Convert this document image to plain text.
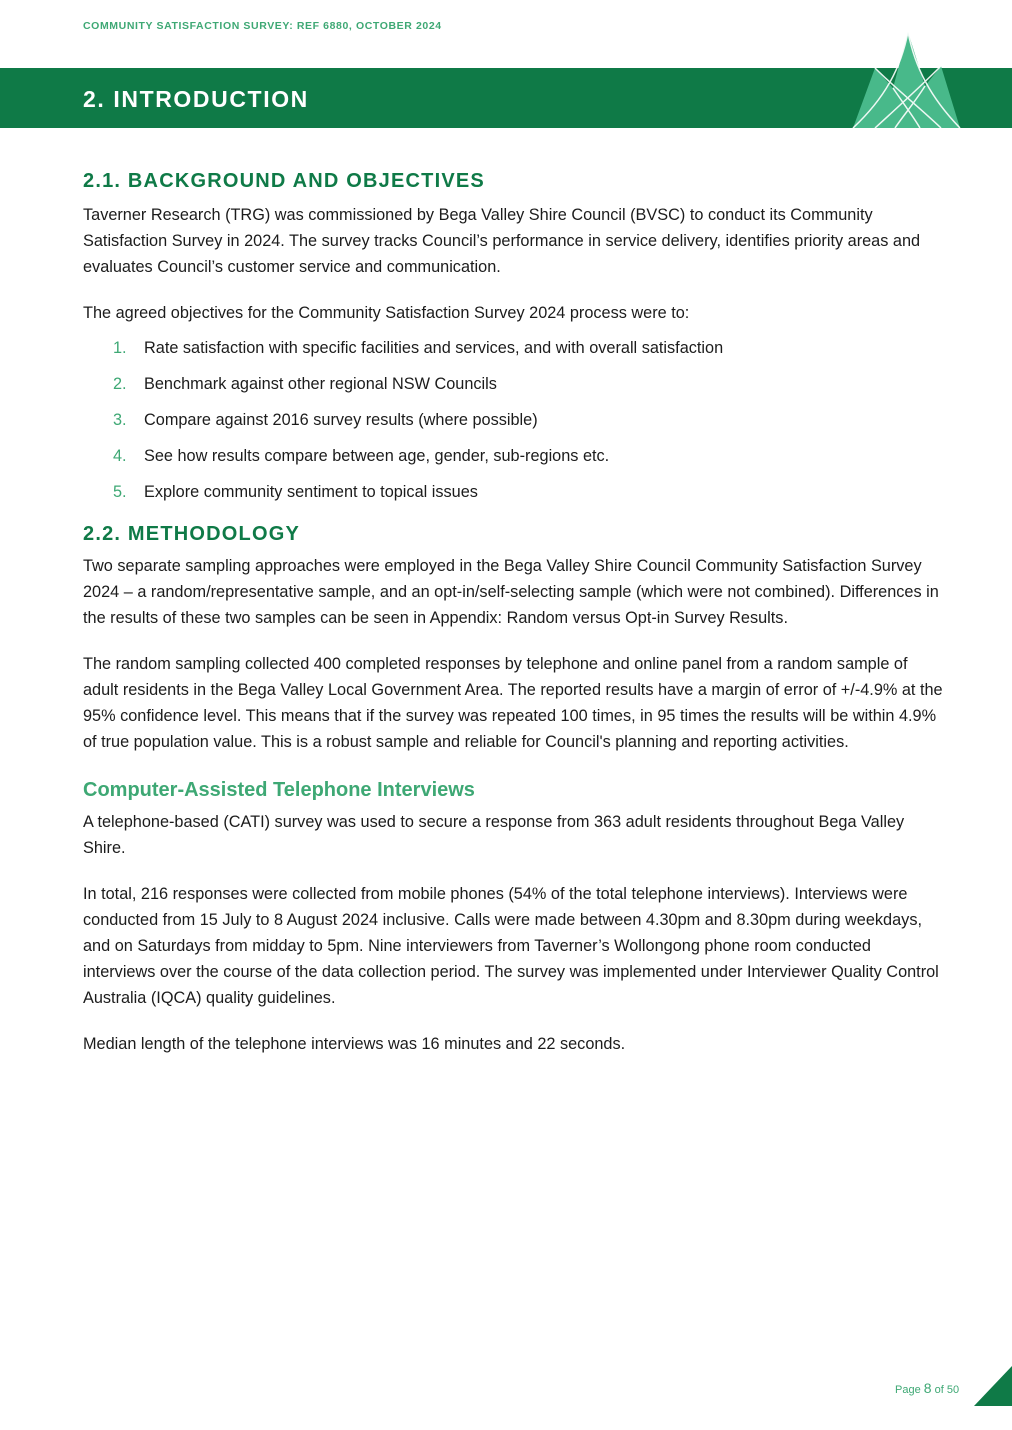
COMMUNITY SATISFACTION SURVEY: REF 6880, OCTOBER 2024
2. INTRODUCTION
2.1. BACKGROUND AND OBJECTIVES

Taverner Research (TRG) was commissioned by Bega Valley Shire Council (BVSC) to conduct its Community Satisfaction Survey in 2024. The survey tracks Council’s performance in service delivery, identifies priority areas and evaluates Council’s customer service and communication.

The agreed objectives for the Community Satisfaction Survey 2024 process were to:

1.	Rate satisfaction with specific facilities and services, and with overall satisfaction
2.	Benchmark against other regional NSW Councils
3.	Compare against 2016 survey results (where possible)
4.	See how results compare between age, gender, sub-regions etc.
5.	Explore community sentiment to topical issues
2.2. METHODOLOGY

Two separate sampling approaches were employed in the Bega Valley Shire Council Community Satisfaction Survey 2024 – a random/representative sample, and an opt-in/self-selecting sample (which were not combined). Differences in the results of these two samples can be seen in Appendix: Random versus Opt-in Survey Results.

The random sampling collected 400 completed responses by telephone and online panel from a random sample of adult residents in the Bega Valley Local Government Area. The reported results have a margin of error of +/-4.9% at the 95% confidence level. This means that if the survey was repeated 100 times, in 95 times the results will be within 4.9% of true population value. This is a robust sample and reliable for Council's planning and reporting activities.

Computer-Assisted Telephone Interviews

A telephone-based (CATI) survey was used to secure a response from 363 adult residents throughout Bega Valley Shire.

In total, 216 responses were collected from mobile phones (54% of the total telephone interviews). Interviews were conducted from 15 July to 8 August 2024 inclusive. Calls were made between 4.30pm and 8.30pm during weekdays, and on Saturdays from midday to 5pm. Nine interviewers from Taverner’s Wollongong phone room conducted interviews over the course of the data collection period. The survey was implemented under Interviewer Quality Control Australia (IQCA) quality guidelines.

Median length of the telephone interviews was 16 minutes and 22 seconds.

Page 8 of 50
